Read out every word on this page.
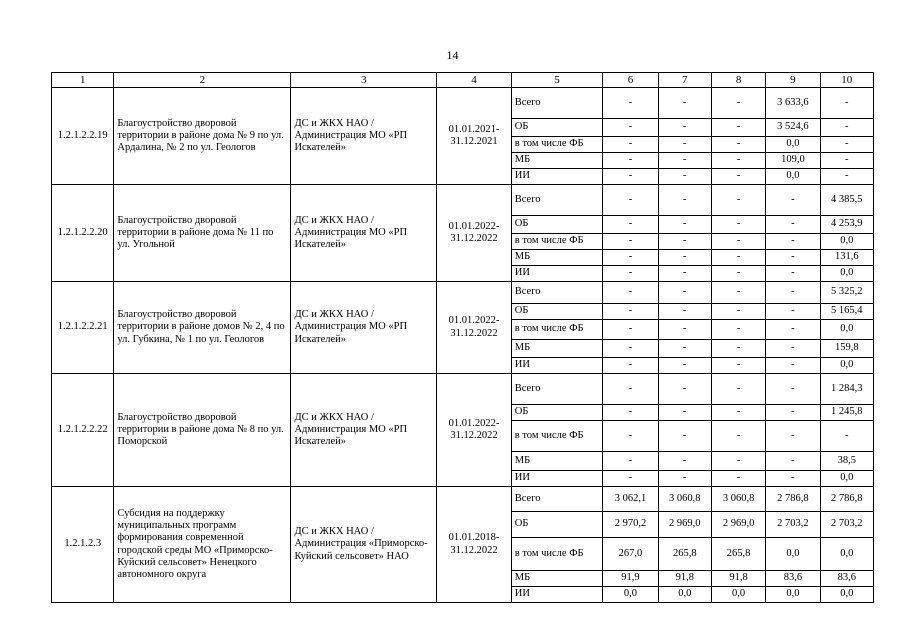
14
1	2	3	4	5	6	7	8	9	10
1.2.1.2.2.19	Благоустройство дворовой территории в районе дома № 9 по ул. Ардалина, № 2 по ул. Геологов	ДС и ЖКХ НАО / Администрация МО «РП Искателей»	01.01.2021-31.12.2021	Всего	-	-	-	3 633,6	-
				ОБ	-	-	-	3 524,6	-
				в том числе ФБ	-	-	-	0,0	-
				МБ	-	-	-	109,0	-
				ИИ	-	-	-	0,0	-
1.2.1.2.2.20	Благоустройство дворовой территории в районе дома № 11 по ул. Угольной	ДС и ЖКХ НАО / Администрация МО «РП Искателей»	01.01.2022-31.12.2022	Всего	-	-	-	-	4 385,5
				ОБ	-	-	-	-	4 253,9
				в том числе ФБ	-	-	-	-	0,0
				МБ	-	-	-	-	131,6
				ИИ	-	-	-	-	0,0
1.2.1.2.2.21	Благоустройство дворовой территории в районе домов № 2, 4 по ул. Губкина, № 1 по ул. Геологов	ДС и ЖКХ НАО / Администрация МО «РП Искателей»	01.01.2022-31.12.2022	Всего	-	-	-	-	5 325,2
				ОБ	-	-	-	-	5 165,4
				в том числе ФБ	-	-	-	-	0,0
				МБ	-	-	-	-	159,8
				ИИ	-	-	-	-	0,0
1.2.1.2.2.22	Благоустройство дворовой территории в районе дома № 8 по ул. Поморской	ДС и ЖКХ НАО / Администрация МО «РП Искателей»	01.01.2022-31.12.2022	Всего	-	-	-	-	1 284,3
				ОБ	-	-	-	-	1 245,8
				в том числе ФБ	-	-	-	-	-
				МБ	-	-	-	-	38,5
				ИИ	-	-	-	-	0,0
1.2.1.2.3	Субсидия на поддержку муниципальных программ формирования современной городской среды МО «Приморско-Куйский сельсовет» Ненецкого автономного округа	ДС и ЖКХ НАО / Администрация «Приморско-Куйский сельсовет» НАО	01.01.2018-31.12.2022	Всего	3 062,1	3 060,8	3 060,8	2 786,8	2 786,8
				ОБ	2 970,2	2 969,0	2 969,0	2 703,2	2 703,2
				в том числе ФБ	267,0	265,8	265,8	0,0	0,0
				МБ	91,9	91,8	91,8	83,6	83,6
				ИИ	0,0	0,0	0,0	0,0	0,0
